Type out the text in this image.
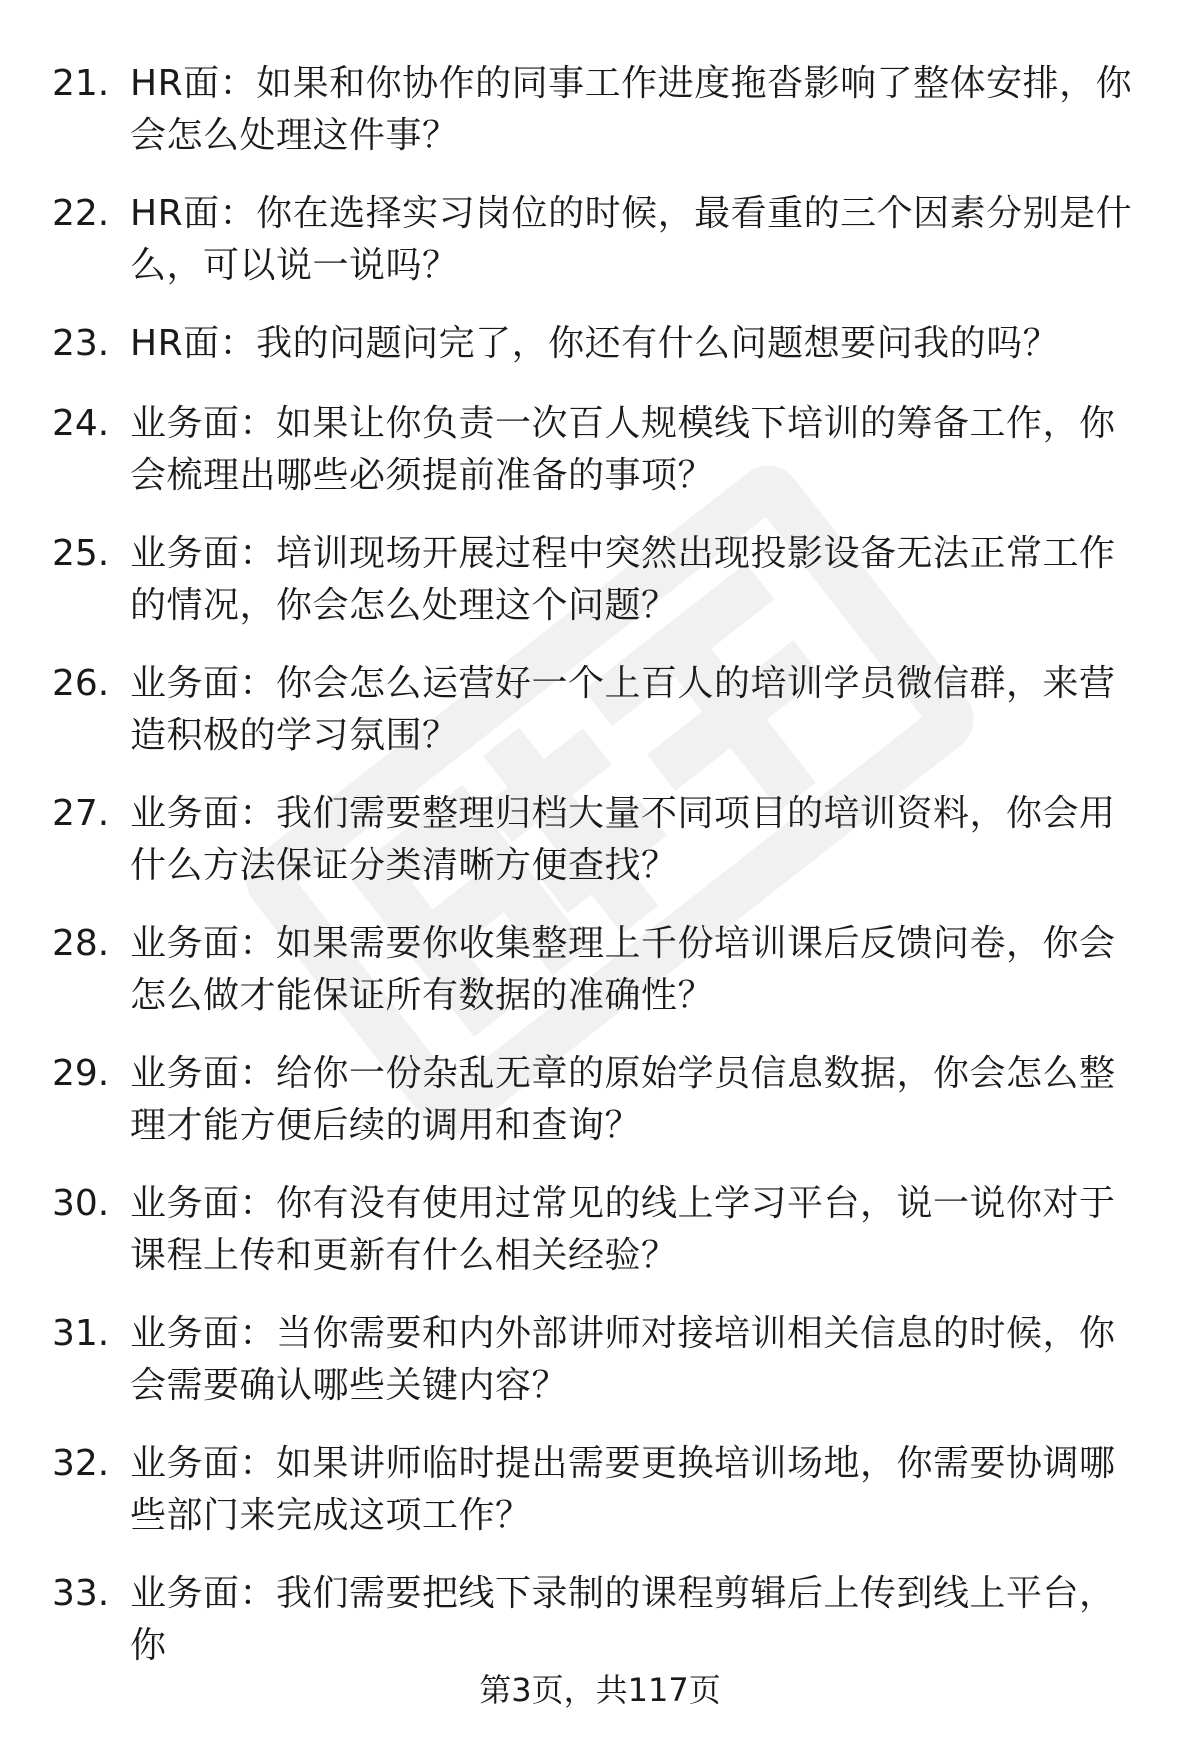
21. HR面：如果和你协作的同事工作进度拖沓影响了整体安排，你会怎么处理这件事？
22. HR面：你在选择实习岗位的时候，最看重的三个因素分别是什么，可以说一说吗？
23. HR面：我的问题问完了，你还有什么问题想要问我的吗？
24. 业务面：如果让你负责一次百人规模线下培训的筹备工作，你会梳理出哪些必须提前准备的事项？
25. 业务面：培训现场开展过程中突然出现投影设备无法正常工作的情况，你会怎么处理这个问题？
26. 业务面：你会怎么运营好一个上百人的培训学员微信群，来营造积极的学习氛围？
27. 业务面：我们需要整理归档大量不同项目的培训资料，你会用什么方法保证分类清晰方便查找？
28. 业务面：如果需要你收集整理上千份培训课后反馈问卷，你会怎么做才能保证所有数据的准确性？
29. 业务面：给你一份杂乱无章的原始学员信息数据，你会怎么整理才能方便后续的调用和查询？
30. 业务面：你有没有使用过常见的线上学习平台，说一说你对于课程上传和更新有什么相关经验？
31. 业务面：当你需要和内外部讲师对接培训相关信息的时候，你会需要确认哪些关键内容？
32. 业务面：如果讲师临时提出需要更换培训场地，你需要协调哪些部门来完成这项工作？
33. 业务面：我们需要把线下录制的课程剪辑后上传到线上平台，你
第3页，共117页
